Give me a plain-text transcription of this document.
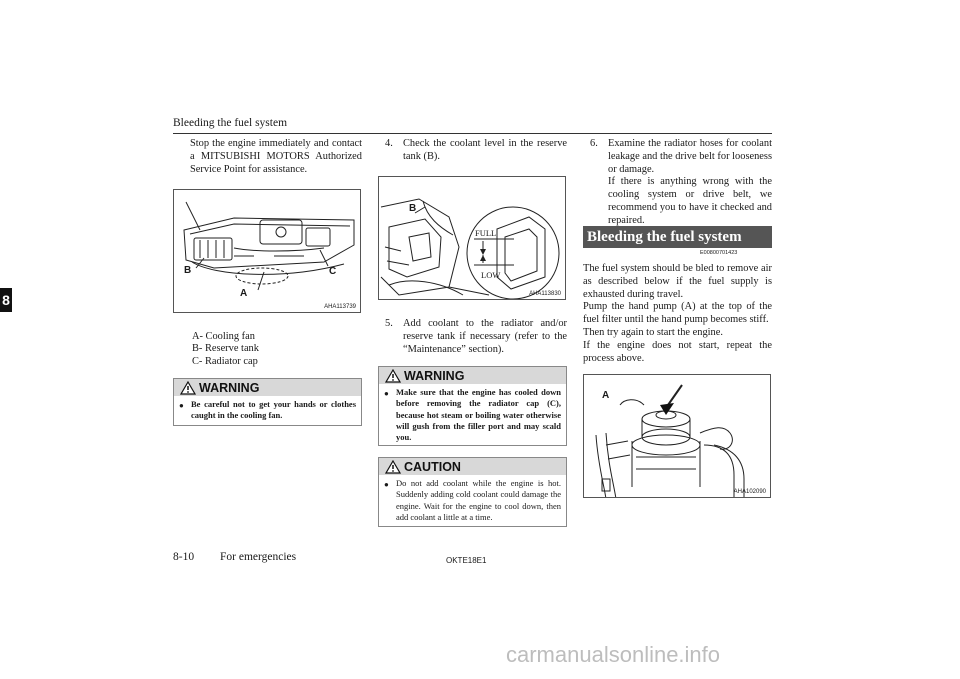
Bleeding the fuel system
8
Stop the engine immediately and contact a MITSUBISHI MOTORS Authorized Service Point for assistance.
B	C
A
AHA113739
A- Cooling fan
B- Reserve tank
C- Radiator cap
WARNING
● Be careful not to get your hands or clothes caught in the cooling fan.
4. Check the coolant level in the reserve tank (B).
B
FULL
LOW
AHA113830
5. Add coolant to the radiator and/or reserve tank if necessary (refer to the “Maintenance” section).
WARNING
● Make sure that the engine has cooled down before removing the radiator cap (C), because hot steam or boiling water otherwise will gush from the filler port and may scald you.
CAUTION
● Do not add coolant while the engine is hot. Suddenly adding cold coolant could damage the engine. Wait for the engine to cool down, then add coolant a little at a time.
6. Examine the radiator hoses for coolant leakage and the drive belt for looseness or damage.

If there is anything wrong with the cooling system or drive belt, we recommend you to have it checked and repaired.

Bleeding the fuel system
E00800701423

The fuel system should be bled to remove air as described below if the fuel supply is exhausted during travel.

Pump the hand pump (A) at the top of the fuel filter until the hand pump becomes stiff.

Then try again to start the engine.

If the engine does not start, repeat the process above.

A
AHA102090
8-10 For emergencies	OKTE18E1
carmanualsonline.info
